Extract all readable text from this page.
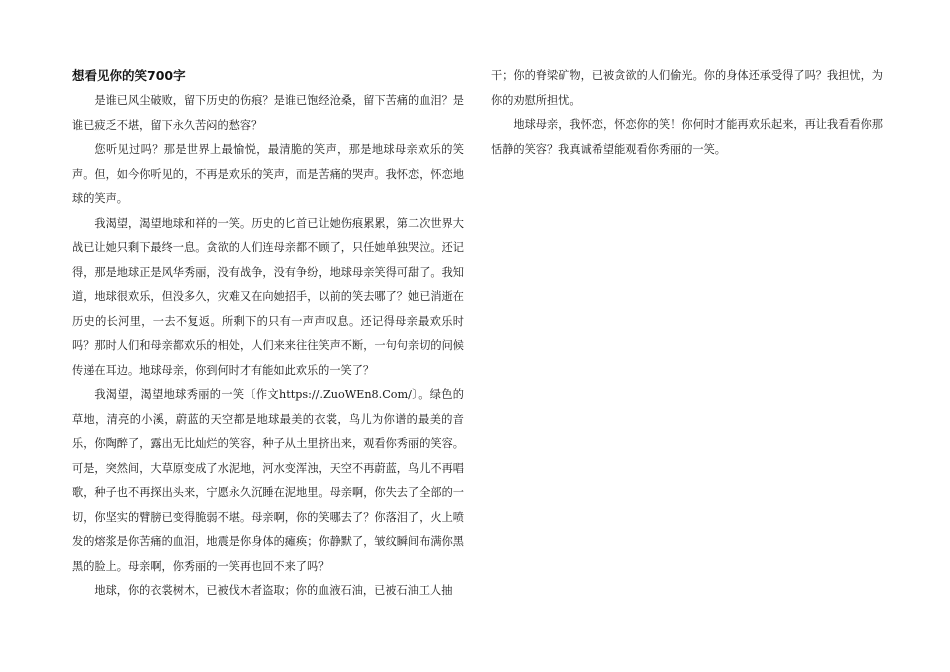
想看见你的笑700字

是谁已风尘破败，留下历史的伤痕？是谁已饱经沧桑，留下苦痛的血泪？是谁已疲乏不堪，留下永久苦闷的愁容？

您听见过吗？那是世界上最愉悦，最清脆的笑声，那是地球母亲欢乐的笑声。但，如今你听见的，不再是欢乐的笑声，而是苦痛的哭声。我怀恋，怀恋地球的笑声。

我渴望，渴望地球和祥的一笑。历史的匕首已让她伤痕累累，第二次世界大战已让她只剩下最终一息。贪欲的人们连母亲都不顾了，只任她单独哭泣。还记得，那是地球正是风华秀丽，没有战争，没有争纷，地球母亲笑得可甜了。我知道，地球很欢乐，但没多久，灾难又在向她招手，以前的笑去哪了？她已消逝在历史的长河里，一去不复返。所剩下的只有一声声叹息。还记得母亲最欢乐时吗？那时人们和母亲都欢乐的相处，人们来来往往笑声不断，一句句亲切的问候传递在耳边。地球母亲，你到何时才有能如此欢乐的一笑了？

我渴望，渴望地球秀丽的一笑〔作文https://.ZuoWEn8.Com/〕。绿色的草地，清亮的小溪，蔚蓝的天空都是地球最美的衣裳，鸟儿为你谱的最美的音乐，你陶醉了，露出无比灿烂的笑容，种子从土里挤出来，观看你秀丽的笑容。可是，突然间，大草原变成了水泥地，河水变浑浊，天空不再蔚蓝，鸟儿不再唱歌，种子也不再探出头来，宁愿永久沉睡在泥地里。母亲啊，你失去了全部的一切，你坚实的臂膀已变得脆弱不堪。母亲啊，你的笑哪去了？你落泪了，火上喷发的熔浆是你苦痛的血泪，地震是你身体的瘫痪；你静默了，皱纹瞬间布满你黑黑的脸上。母亲啊，你秀丽的一笑再也回不来了吗？

地球，你的衣裳树木，已被伐木者盗取；你的血液石油，已被石油工人抽

干；你的脊梁矿物，已被贪欲的人们偷光。你的身体还承受得了吗？我担忧，为你的劝慰所担忧。

地球母亲，我怀恋，怀恋你的笑！你何时才能再欢乐起来，再让我看看你那恬静的笑容？我真诚希望能观看你秀丽的一笑。
